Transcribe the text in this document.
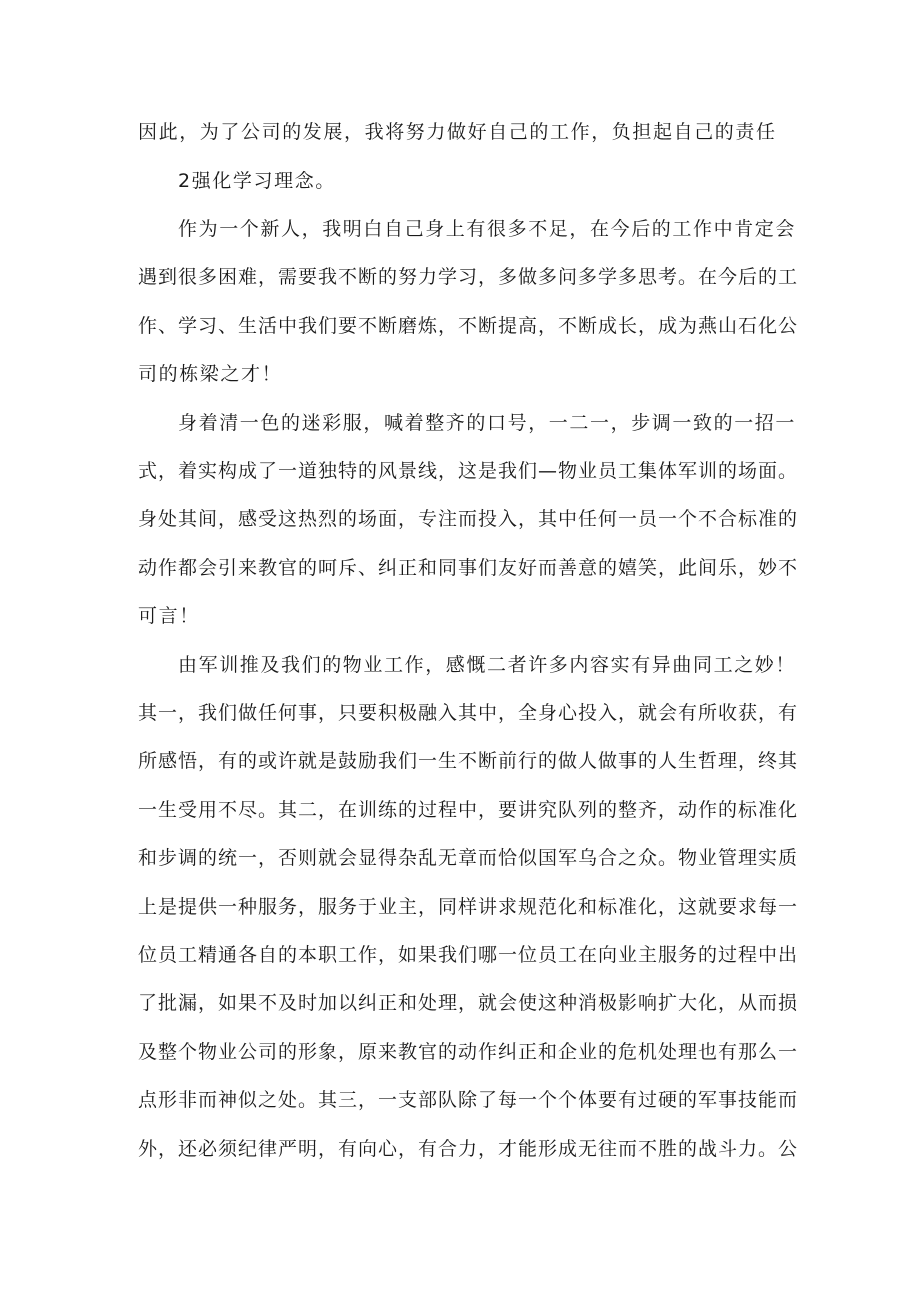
因此，为了公司的发展，我将努力做好自己的工作，负担起自己的责任
2强化学习理念。
作为一个新人，我明白自己身上有很多不足，在今后的工作中肯定会
遇到很多困难，需要我不断的努力学习，多做多问多学多思考。在今后的工
作、学习、生活中我们要不断磨炼，不断提高，不断成长，成为燕山石化公
司的栋梁之才！
身着清一色的迷彩服，喊着整齐的口号，一二一，步调一致的一招一
式，着实构成了一道独特的风景线，这是我们—物业员工集体军训的场面。
身处其间，感受这热烈的场面，专注而投入，其中任何一员一个不合标准的
动作都会引来教官的呵斥、纠正和同事们友好而善意的嬉笑，此间乐，妙不
可言！
由军训推及我们的物业工作，感慨二者许多内容实有异曲同工之妙！
其一，我们做任何事，只要积极融入其中，全身心投入，就会有所收获，有
所感悟，有的或许就是鼓励我们一生不断前行的做人做事的人生哲理，终其
一生受用不尽。其二，在训练的过程中，要讲究队列的整齐，动作的标准化
和步调的统一，否则就会显得杂乱无章而恰似国军乌合之众。物业管理实质
上是提供一种服务，服务于业主，同样讲求规范化和标准化，这就要求每一
位员工精通各自的本职工作，如果我们哪一位员工在向业主服务的过程中出
了批漏，如果不及时加以纠正和处理，就会使这种消极影响扩大化，从而损
及整个物业公司的形象，原来教官的动作纠正和企业的危机处理也有那么一
点形非而神似之处。其三，一支部队除了每一个个体要有过硬的军事技能而
外，还必须纪律严明，有向心，有合力，才能形成无往而不胜的战斗力。公
